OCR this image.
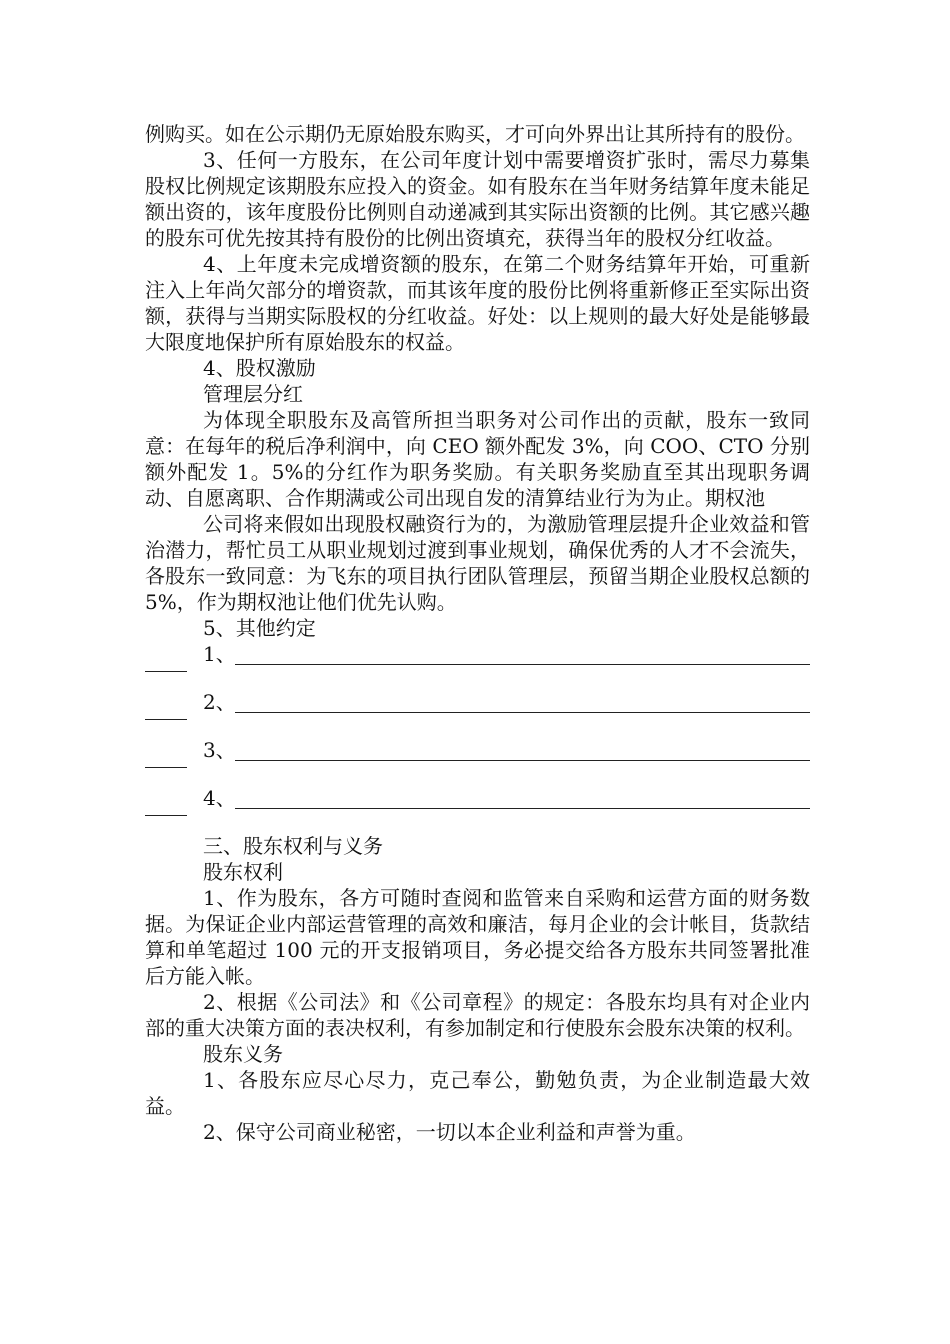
例购买。如在公示期仍无原始股东购买，才可向外界出让其所持有的股份。

3、任何一方股东，在公司年度计划中需要增资扩张时，需尽力募集股权比例规定该期股东应投入的资金。如有股东在当年财务结算年度未能足额出资的，该年度股份比例则自动递减到其实际出资额的比例。其它感兴趣的股东可优先按其持有股份的比例出资填充，获得当年的股权分红收益。

4、上年度未完成增资额的股东，在第二个财务结算年开始，可重新注入上年尚欠部分的增资款，而其该年度的股份比例将重新修正至实际出资额，获得与当期实际股权的分红收益。好处：以上规则的最大好处是能够最大限度地保护所有原始股东的权益。

4、股权激励

管理层分红

为体现全职股东及高管所担当职务对公司作出的贡献，股东一致同意：在每年的税后净利润中，向 CEO 额外配发 3%，向 COO、CTO 分别额外配发 1。5%的分红作为职务奖励。有关职务奖励直至其出现职务调动、自愿离职、合作期满或公司出现自发的清算结业行为为止。期权池

公司将来假如出现股权融资行为的，为激励管理层提升企业效益和管治潜力，帮忙员工从职业规划过渡到事业规划，确保优秀的人才不会流失，各股东一致同意：为飞东的项目执行团队管理层，预留当期企业股权总额的 5%，作为期权池让他们优先认购。

5、其他约定

1、
2、
3、
4、

三、股东权利与义务

股东权利

1、作为股东，各方可随时查阅和监管来自采购和运营方面的财务数据。为保证企业内部运营管理的高效和廉洁，每月企业的会计帐目，货款结算和单笔超过 100 元的开支报销项目，务必提交给各方股东共同签署批准后方能入帐。

2、根据《公司法》和《公司章程》的规定：各股东均具有对企业内部的重大决策方面的表决权利，有参加制定和行使股东会股东决策的权利。

股东义务

1、各股东应尽心尽力，克己奉公，勤勉负责，为企业制造最大效益。

2、保守公司商业秘密，一切以本企业利益和声誉为重。
